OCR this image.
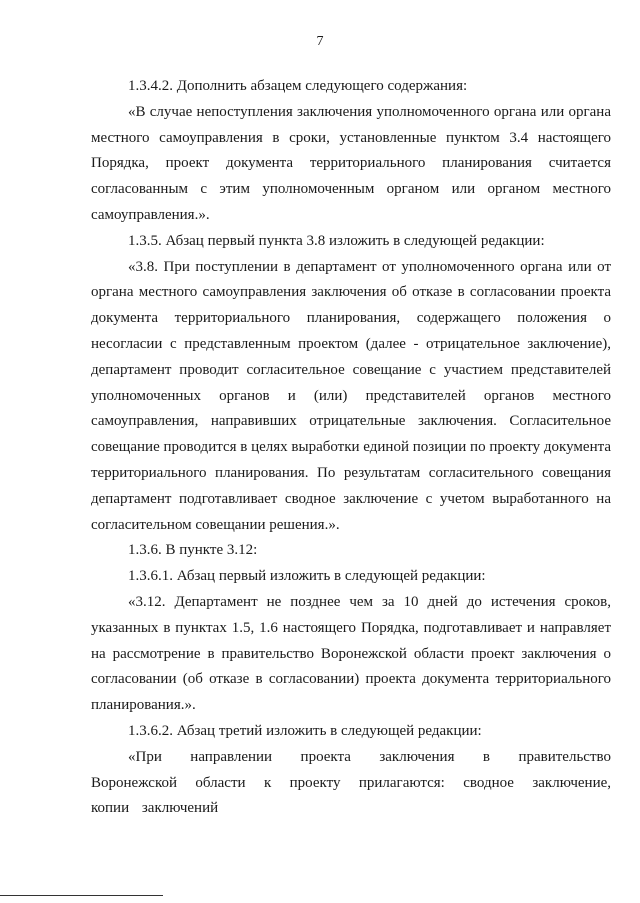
7

1.3.4.2. Дополнить абзацем следующего содержания:

«В случае непоступления заключения уполномоченного органа или органа местного самоуправления в сроки, установленные пунктом 3.4 настоящего Порядка, проект документа территориального планирования считается согласованным с этим уполномоченным органом или органом местного самоуправления.».

1.3.5. Абзац первый пункта 3.8 изложить в следующей редакции:

«3.8. При поступлении в департамент от уполномоченного органа или от органа местного самоуправления заключения об отказе в согласовании проекта документа территориального планирования, содержащего положения о несогласии с представленным проектом (далее - отрицательное заключение), департамент проводит согласительное совещание с участием представителей уполномоченных органов и (или) представителей органов местного самоуправления, направивших отрицательные заключения. Согласительное совещание проводится в целях выработки единой позиции по проекту документа территориального планирования. По результатам согласительного совещания департамент подготавливает сводное заключение с учетом выработанного на согласительном совещании решения.».

1.3.6. В пункте 3.12:

1.3.6.1. Абзац первый изложить в следующей редакции:

«3.12. Департамент не позднее чем за 10 дней до истечения сроков, указанных в пунктах 1.5, 1.6 настоящего Порядка, подготавливает и направляет на рассмотрение в правительство Воронежской области проект заключения о согласовании (об отказе в согласовании) проекта документа территориального планирования.».

1.3.6.2. Абзац третий изложить в следующей редакции:

«При направлении проекта заключения в правительство Воронежской области к проекту прилагаются: сводное заключение, копии заключений
